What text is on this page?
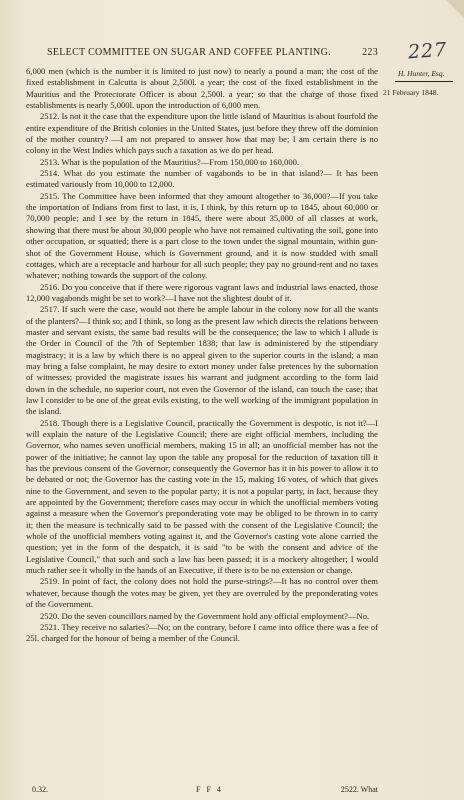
SELECT COMMITTEE ON SUGAR AND COFFEE PLANTING.	223 227
H. Hunter, Esq.
21 February 1848.

6,000 men (which is the number it is limited to just now) to nearly a pound a man; the cost of the fixed establishment in Calcutta is about 2,500l. a year; the cost of the fixed establishment in the Mauritius and the Protectorate Officer is about 2,500l. a year; so that the charge of those fixed establishments is nearly 5,000l. upon the introduction of 6,000 men.

2512. Is not it the case that the expenditure upon the little island of Mauritius is about fourfold the entire expenditure of the British colonies in the United States, just before they threw off the dominion of the mother country? —I am not prepared to answer how that may be; I am certain there is no colony in the West Indies which pays such a taxation as we do per head.

2513. What is the population of the Mauritius?—From 150,000 to 160,000.

2514. What do you estimate the number of vagabonds to be in that island?— It has been estimated variously from 10,000 to 12,000.

2515. The Committee have been informed that they amount altogether to 36,000?—If you take the importation of Indians from first to last, it is, I think, by this return up to 1845, about 60,000 or 70,000 people; and I see by the return in 1845, there were about 35,000 of all classes at work, showing that there must be about 30,000 people who have not remained cultivating the soil, gone into other occupation, or squatted; there is a part close to the town under the signal mountain, within gun-shot of the Government House, which is Government ground, and it is now studded with small cottages, which are a receptacle and harbour for all such people; they pay no ground-rent and no taxes whatever; nothing towards the support of the colony.

2516. Do you conceive that if there were rigorous vagrant laws and industrial laws enacted, those 12,000 vagabonds might be set to work?—I have not the slightest doubt of it.

2517. If such were the case, would not there be ample labour in the colony now for all the wants of the planters?—I think so; and I think, so long as the present law which directs the relations between master and servant exists, the same bad results will be the consequence; the law to which I allude is the Order in Council of the 7th of September 1838; that law is administered by the stipendiary magistracy; it is a law by which there is no appeal given to the superior courts in the island; a man may bring a false complaint, he may desire to extort money under false pretences by the subornation of witnesses; provided the magistrate issues his warrant and judgment according to the form laid down in the schedule, no superior court, not even the Governor of the island, can touch the case; that law I consider to be one of the great evils existing, to the well working of the immigrant population in the island.

2518. Though there is a Legislative Council, practically the Government is despotic, is not it?—I will explain the nature of the Legislative Council; there are eight official members, including the Governor, who names seven unofficial members, making 15 in all; an unofficial member has not the power of the initiative; he cannot lay upon the table any proposal for the reduction of taxation till it has the previous consent of the Governor; consequently the Governor has it in his power to allow it to be debated or not; the Governor has the casting vote in the 15, making 16 votes, of which that gives nine to the Government, and seven to the popular party; it is not a popular party, in fact, because they are appointed by the Government; therefore cases may occur in which the unofficial members voting against a measure when the Governor's preponderating vote may be obliged to be thrown in to carry it; then the measure is technically said to be passed with the consent of the Legislative Council; the whole of the unofficial members voting against it, and the Governor's casting vote alone carried the question; yet in the form of the despatch, it is said "to be with the consent and advice of the Legislative Council," that such and such a law has been passed; it is a mockery altogether; I would much rather see it wholly in the hands of an Executive, if there is to be no extension or change.

2519. In point of fact, the colony does not hold the purse-strings?—It has no control over them whatever, because though the votes may be given, yet they are overruled by the preponderating votes of the Government.

2520. Do the seven councillors named by the Government hold any official employment?—No.

2521. They receive no salaries?—No; on the contrary, before I came into office there was a fee of 25l. charged for the honour of being a member of the Council.

0.32.	F F 4	2522. What
